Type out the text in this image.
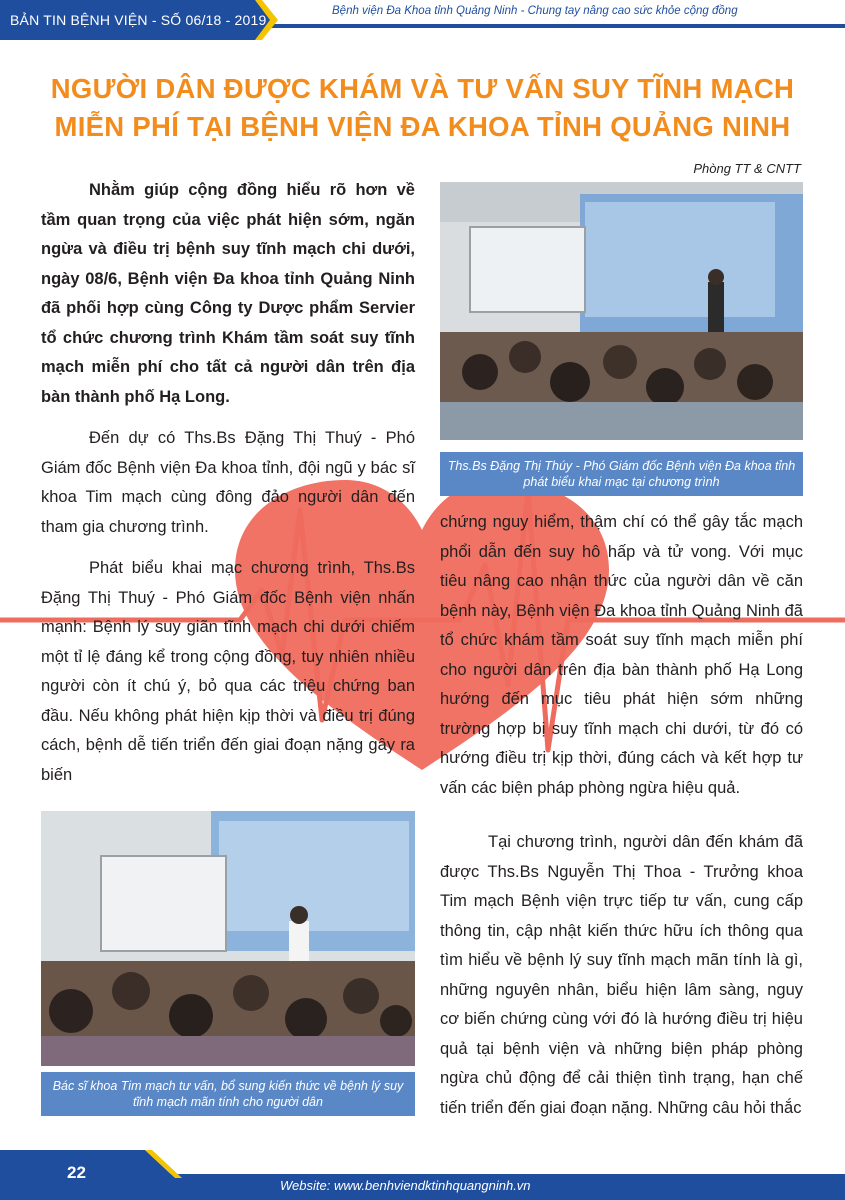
BẢN TIN BỆNH VIỆN - SỐ 06/18 - 2019
Bệnh viện Đa Khoa tỉnh Quảng Ninh - Chung tay nâng cao sức khỏe cộng đồng
NGƯỜI DÂN ĐƯỢC KHÁM VÀ TƯ VẤN SUY TĨNH MẠCH
MIỄN PHÍ TẠI BỆNH VIỆN ĐA KHOA TỈNH QUẢNG NINH
Phòng TT & CNTT

Nhằm giúp cộng đồng hiểu rõ hơn về tầm quan trọng của việc phát hiện sớm, ngăn ngừa và điều trị bệnh suy tĩnh mạch chi dưới, ngày 08/6, Bệnh viện Đa khoa tỉnh Quảng Ninh đã phối hợp cùng Công ty Dược phẩm Servier tổ chức chương trình Khám tầm soát suy tĩnh mạch miễn phí cho tất cả người dân trên địa bàn thành phố Hạ Long.

Đến dự có Ths.Bs Đặng Thị Thuý - Phó Giám đốc Bệnh viện Đa khoa tỉnh, đội ngũ y bác sĩ khoa Tim mạch cùng đông đảo người dân đến tham gia chương trình.

Phát biểu khai mạc chương trình, Ths.Bs Đặng Thị Thuý - Phó Giám đốc Bệnh viện nhấn mạnh: Bệnh lý suy giãn tĩnh mạch chi dưới chiếm một tỉ lệ đáng kể trong cộng đồng, tuy nhiên nhiều người còn ít chú ý, bỏ qua các triệu chứng ban đầu. Nếu không phát hiện kịp thời và điều trị đúng cách, bệnh dễ tiến triển đến giai đoạn nặng gây ra biến

Ths.Bs Đặng Thị Thúy - Phó Giám đốc Bệnh viện Đa khoa tỉnh phát biểu khai mạc tại chương trình

chứng nguy hiểm, thậm chí có thể gây tắc mạch phổi dẫn đến suy hô hấp và tử vong. Với mục tiêu nâng cao nhận thức của người dân về căn bệnh này, Bệnh viện Đa khoa tỉnh Quảng Ninh đã tổ chức khám tầm soát suy tĩnh mạch miễn phí cho người dân trên địa bàn thành phố Hạ Long hướng đến mục tiêu phát hiện sớm những trường hợp bị suy tĩnh mạch chi dưới, từ đó có hướng điều trị kịp thời, đúng cách và kết hợp tư vấn các biện pháp phòng ngừa hiệu quả.

Tại chương trình, người dân đến khám đã được Ths.Bs Nguyễn Thị Thoa - Trưởng khoa Tim mạch Bệnh viện trực tiếp tư vấn, cung cấp thông tin, cập nhật kiến thức hữu ích thông qua tìm hiểu về bệnh lý suy tĩnh mạch mãn tính là gì, những nguyên nhân, biểu hiện lâm sàng, nguy cơ biến chứng cùng với đó là hướng điều trị hiệu quả tại bệnh viện và những biện pháp phòng ngừa chủ động để cải thiện tình trạng, hạn chế tiến triển đến giai đoạn nặng. Những câu hỏi thắc

Bác sĩ khoa Tim mạch tư vấn, bổ sung kiến thức về bệnh lý suy tĩnh mạch mãn tính cho người dân
22
Website: www.benhviendktinhquangninh.vn
